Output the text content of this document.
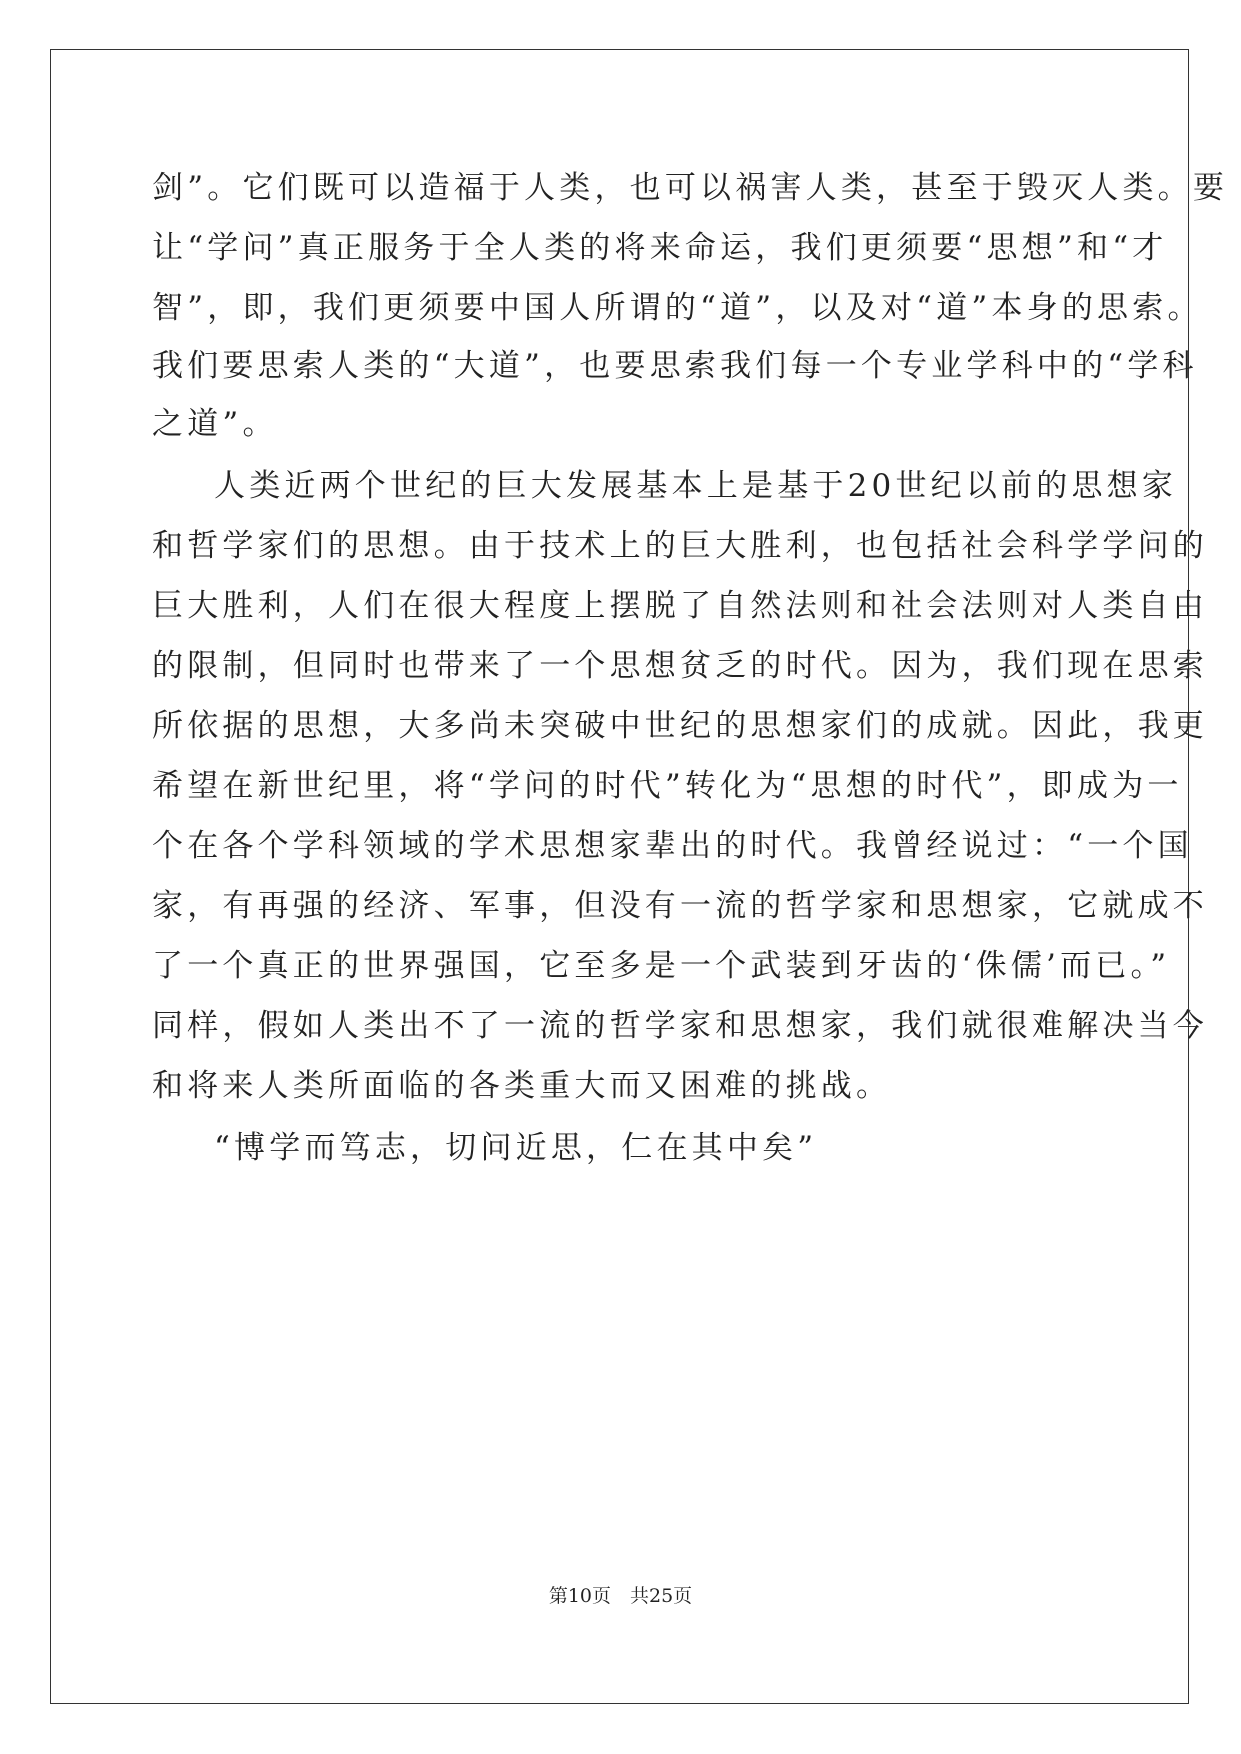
剑”。它们既可以造福于人类，也可以祸害人类，甚至于毁灭人类。要
让“学问”真正服务于全人类的将来命运，我们更须要“思想”和“才
智”，即，我们更须要中国人所谓的“道”，以及对“道”本身的思索。
我们要思索人类的“大道”，也要思索我们每一个专业学科中的“学科
之道”。
人类近两个世纪的巨大发展基本上是基于20世纪以前的思想家
和哲学家们的思想。由于技术上的巨大胜利，也包括社会科学学问的
巨大胜利，人们在很大程度上摆脱了自然法则和社会法则对人类自由
的限制，但同时也带来了一个思想贫乏的时代。因为，我们现在思索
所依据的思想，大多尚未突破中世纪的思想家们的成就。因此，我更
希望在新世纪里，将“学问的时代”转化为“思想的时代”，即成为一
个在各个学科领域的学术思想家辈出的时代。我曾经说过：“一个国
家，有再强的经济、军事，但没有一流的哲学家和思想家，它就成不
了一个真正的世界强国，它至多是一个武装到牙齿的‘侏儒’而已。”
同样，假如人类出不了一流的哲学家和思想家，我们就很难解决当今
和将来人类所面临的各类重大而又困难的挑战。
“博学而笃志，切问近思，仁在其中矣”
第10页　共25页
